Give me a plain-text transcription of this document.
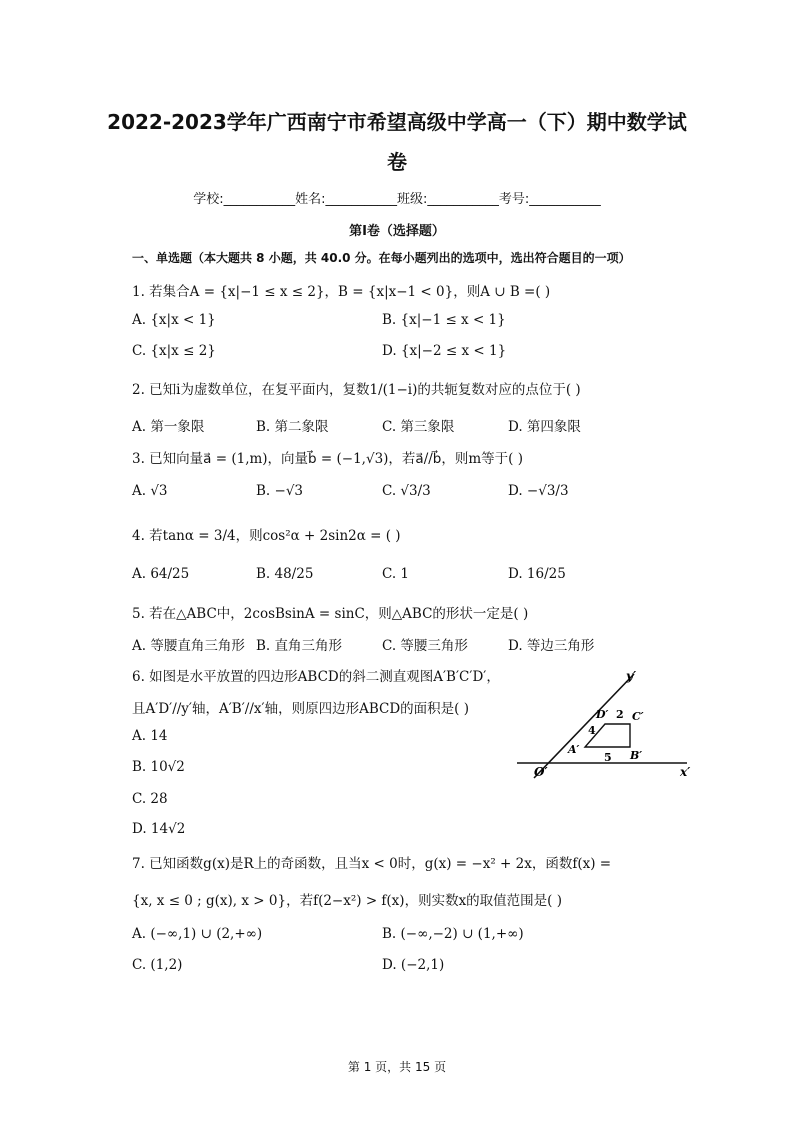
2022-2023学年广西南宁市希望高级中学高一（下）期中数学试
卷
学校:___________姓名:___________班级:___________考号:___________
第I卷（选择题）
一、单选题（本大题共 8 小题，共 40.0 分。在每小题列出的选项中，选出符合题目的一项）
1. 若集合A = {x|−1 ≤ x ≤ 2}，B = {x|x−1 < 0}，则A ∪ B =( )
A. {x|x < 1}	B. {x|−1 ≤ x < 1}
C. {x|x ≤ 2}	D. {x|−2 ≤ x < 1}
2. 已知i为虚数单位，在复平面内，复数1/(1−i)的共轭复数对应的点位于( )
A. 第一象限	B. 第二象限	C. 第三象限	D. 第四象限
3. 已知向量a⃗ = (1,m)，向量b⃗ = (−1,√3)，若a⃗//b⃗，则m等于( )
A. √3	B. −√3	C. √3/3	D. −√3/3
4. 若tanα = 3/4，则cos²α + 2sin2α = ( )
A. 64/25	B. 48/25	C. 1	D. 16/25
5. 若在△ABC中，2cosBsinA = sinC，则△ABC的形状一定是( )
A. 等腰直角三角形 B. 直角三角形	C. 等腰三角形	D. 等边三角形
6. 如图是水平放置的四边形ABCD的斜二测直观图A′B′C′D′，
且A′D′//y′轴，A′B′//x′轴，则原四边形ABCD的面积是( )
A. 14
B. 10√2
C. 28
D. 14√2
y′
x′
O′
A′	B′
C′
D′ 2
4
5
7. 已知函数g(x)是R上的奇函数，且当x < 0时，g(x) = −x² + 2x，函数f(x) =
{x, x ≤ 0 ; g(x), x > 0}，若f(2−x²) > f(x)，则实数x的取值范围是( )
A. (−∞,1) ∪ (2,+∞)	B. (−∞,−2) ∪ (1,+∞)
C. (1,2)	D. (−2,1)
第 1 页，共 15 页
